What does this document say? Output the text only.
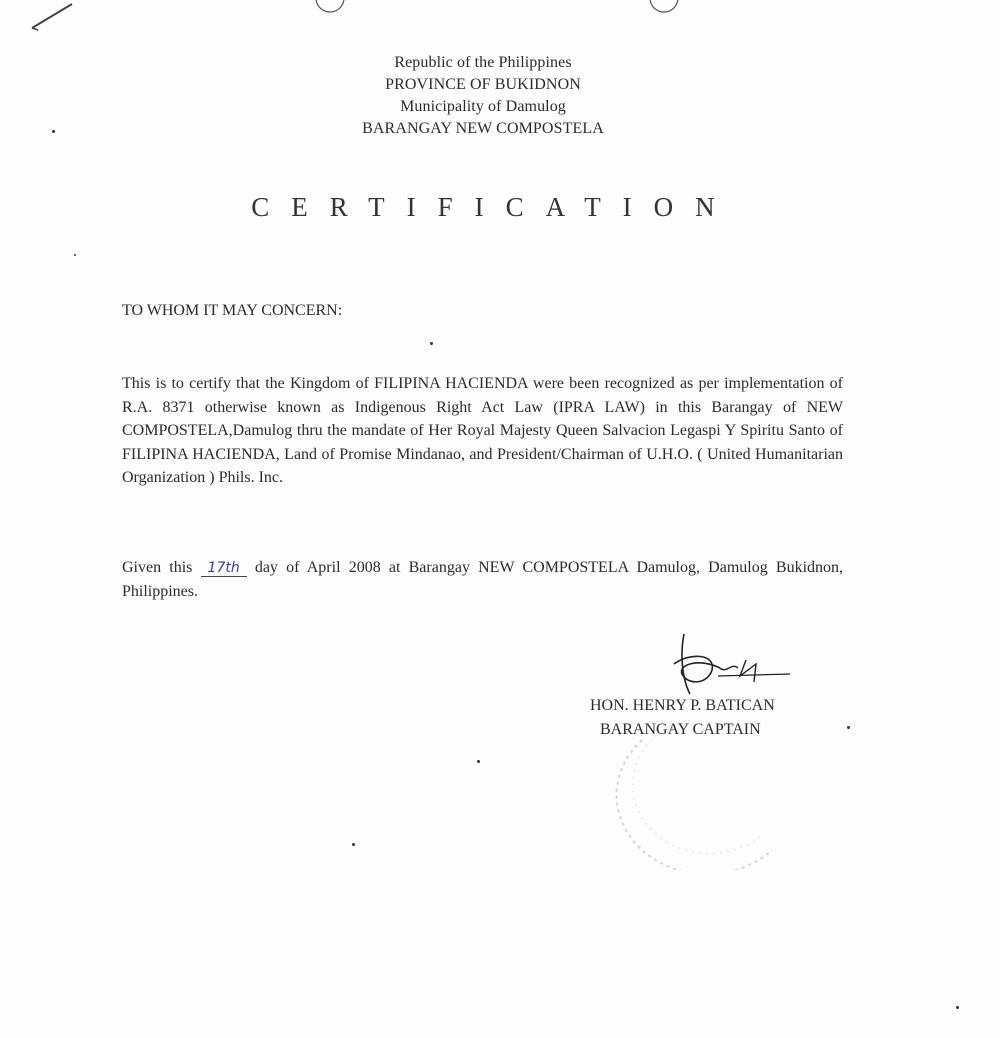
Republic of the Philippines
PROVINCE OF BUKIDNON
Municipality of Damulog
BARANGAY NEW COMPOSTELA
CERTIFICATION
TO WHOM IT MAY CONCERN:
This is to certify that the Kingdom of FILIPINA HACIENDA were been recognized as per implementation of R.A. 8371 otherwise known as Indigenous Right Act Law (IPRA LAW) in this Barangay of NEW COMPOSTELA,Damulog thru the mandate of Her Royal Majesty Queen Salvacion Legaspi Y Spiritu Santo of FILIPINA HACIENDA, Land of Promise Mindanao, and President/Chairman of U.H.O. ( United Humanitarian Organization ) Phils. Inc.
Given this 17th day of April 2008 at Barangay NEW COMPOSTELA Damulog, Damulog Bukidnon, Philippines.
HON. HENRY P. BATICAN
BARANGAY CAPTAIN
